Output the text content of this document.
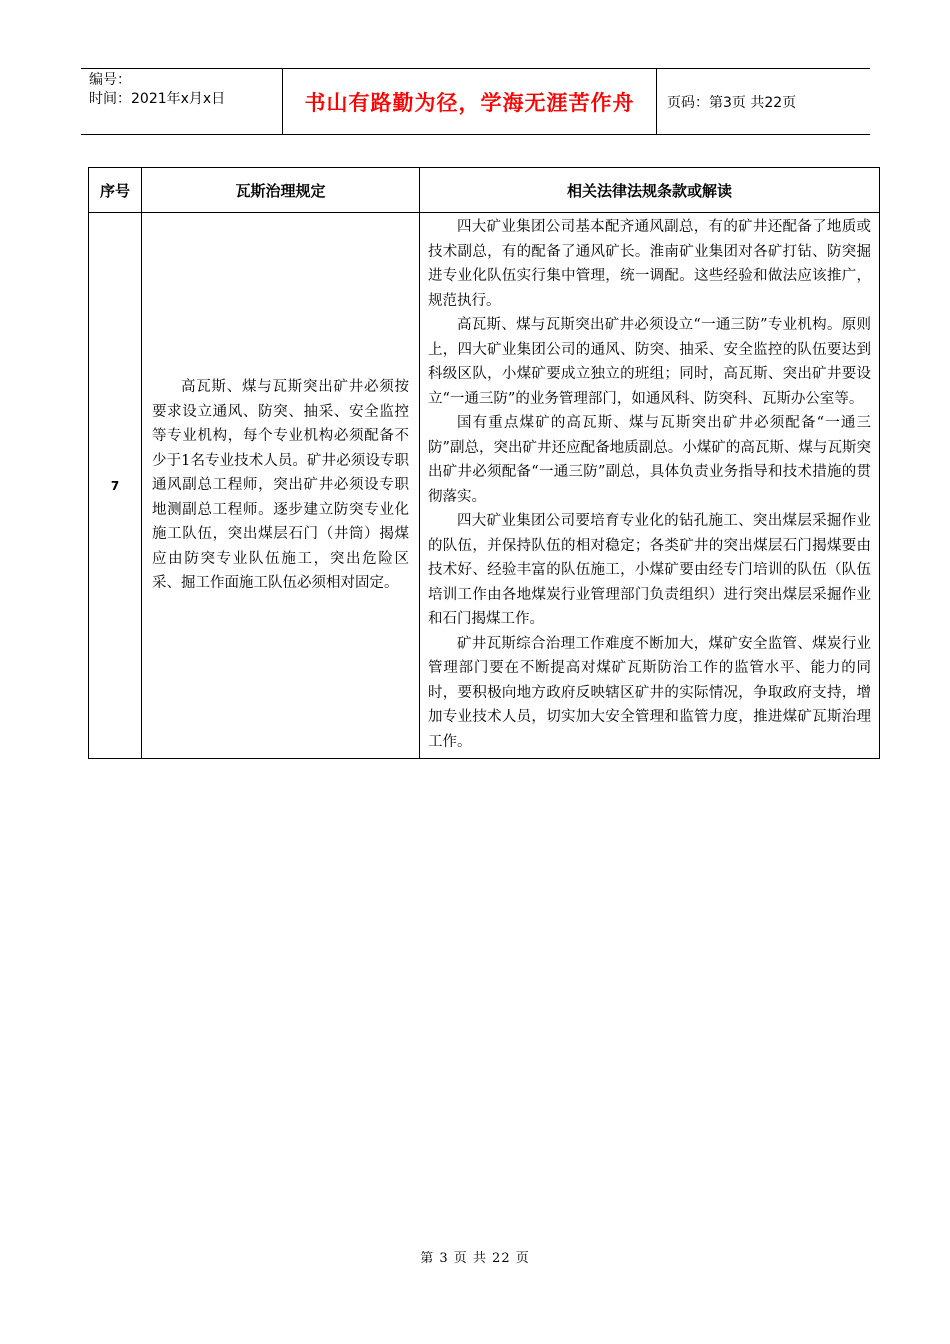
编号：
时间：2021年x月x日	书山有路勤为径，学海无涯苦作舟	页码：第3页 共22页
序号	瓦斯治理规定	相关法律法规条款或解读
7	高瓦斯、煤与瓦斯突出矿井必须按要求设立通风、防突、抽采、安全监控等专业机构，每个专业机构必须配备不少于1名专业技术人员。矿井必须设专职通风副总工程师，突出矿井必须设专职地测副总工程师。逐步建立防突专业化施工队伍，突出煤层石门（井筒）揭煤应由防突专业队伍施工，突出危险区采、掘工作面施工队伍必须相对固定。	四大矿业集团公司基本配齐通风副总，有的矿井还配备了地质或技术副总，有的配备了通风矿长。淮南矿业集团对各矿打钻、防突掘进专业化队伍实行集中管理，统一调配。这些经验和做法应该推广，规范执行。

高瓦斯、煤与瓦斯突出矿井必须设立“一通三防”专业机构。原则上，四大矿业集团公司的通风、防突、抽采、安全监控的队伍要达到科级区队，小煤矿要成立独立的班组；同时，高瓦斯、突出矿井要设立“一通三防”的业务管理部门，如通风科、防突科、瓦斯办公室等。

国有重点煤矿的高瓦斯、煤与瓦斯突出矿井必须配备“一通三防”副总，突出矿井还应配备地质副总。小煤矿的高瓦斯、煤与瓦斯突出矿井必须配备“一通三防”副总，具体负责业务指导和技术措施的贯彻落实。

四大矿业集团公司要培育专业化的钻孔施工、突出煤层采掘作业的队伍，并保持队伍的相对稳定；各类矿井的突出煤层石门揭煤要由技术好、经验丰富的队伍施工，小煤矿要由经专门培训的队伍（队伍培训工作由各地煤炭行业管理部门负责组织）进行突出煤层采掘作业和石门揭煤工作。

矿井瓦斯综合治理工作难度不断加大，煤矿安全监管、煤炭行业管理部门要在不断提高对煤矿瓦斯防治工作的监管水平、能力的同时，要积极向地方政府反映辖区矿井的实际情况，争取政府支持，增加专业技术人员，切实加大安全管理和监管力度，推进煤矿瓦斯治理工作。

第 3 页 共 22 页
